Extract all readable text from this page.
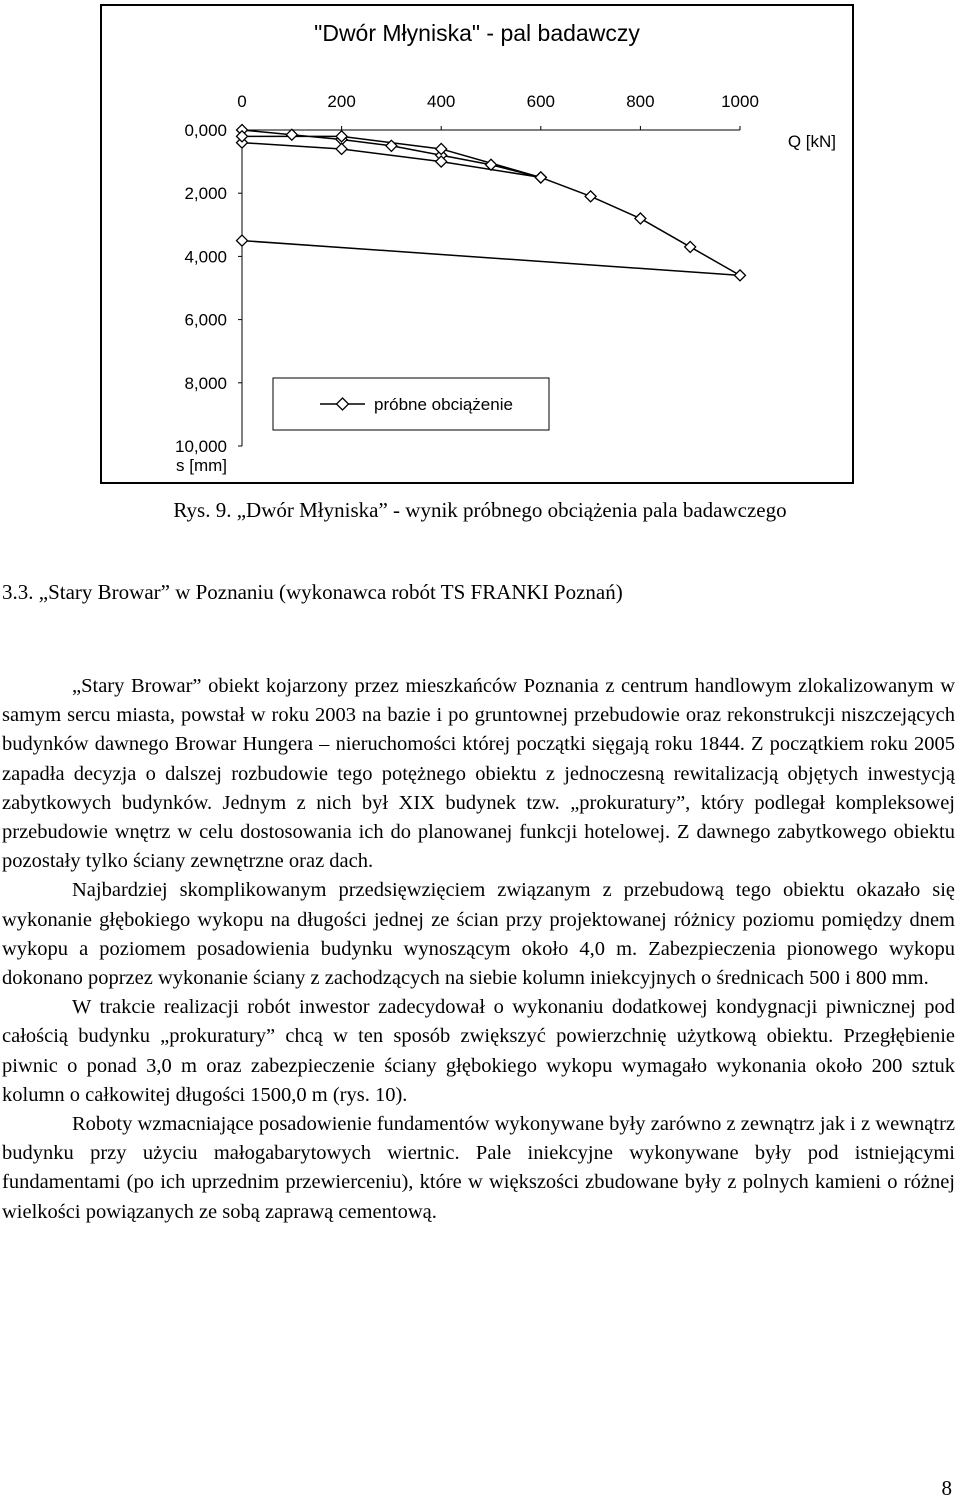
"Dwór Młyniska" - pal badawczy
0	200	400	600	800	1000
0,000
2,000
4,000
6,000
8,000
10,000
Q [kN]
s [mm]
próbne obciążenie
Rys. 9. „Dwór Młyniska” - wynik próbnego obciążenia pala badawczego
3.3. „Stary Browar” w Poznaniu (wykonawca robót TS FRANKI Poznań)

„Stary Browar” obiekt kojarzony przez mieszkańców Poznania z centrum handlowym zlokalizowanym w samym sercu miasta, powstał w roku 2003 na bazie i po gruntownej przebudowie oraz rekonstrukcji niszczejących budynków dawnego Browar Hungera – nieruchomości której początki sięgają roku 1844. Z początkiem roku 2005 zapadła decyzja o dalszej rozbudowie tego potężnego obiektu z jednoczesną rewitalizacją objętych inwestycją zabytkowych budynków. Jednym z nich był XIX budynek tzw. „prokuratury”, który podlegał kompleksowej przebudowie wnętrz w celu dostosowania ich do planowanej funkcji hotelowej. Z dawnego zabytkowego obiektu pozostały tylko ściany zewnętrzne oraz dach.

Najbardziej skomplikowanym przedsięwzięciem związanym z przebudową tego obiektu okazało się wykonanie głębokiego wykopu na długości jednej ze ścian przy projektowanej różnicy poziomu pomiędzy dnem wykopu a poziomem posadowienia budynku wynoszącym około 4,0 m. Zabezpieczenia pionowego wykopu dokonano poprzez wykonanie ściany z zachodzących na siebie kolumn iniekcyjnych o średnicach 500 i 800 mm.

W trakcie realizacji robót inwestor zadecydował o wykonaniu dodatkowej kondygnacji piwnicznej pod całością budynku „prokuratury” chcą w ten sposób zwiększyć powierzchnię użytkową obiektu. Przegłębienie piwnic o ponad 3,0 m oraz zabezpieczenie ściany głębokiego wykopu wymagało wykonania około 200 sztuk kolumn o całkowitej długości 1500,0 m (rys. 10).

Roboty wzmacniające posadowienie fundamentów wykonywane były zarówno z zewnątrz jak i z wewnątrz budynku przy użyciu małogabarytowych wiertnic. Pale iniekcyjne wykonywane były pod istniejącymi fundamentami (po ich uprzednim przewierceniu), które w większości zbudowane były z polnych kamieni o różnej wielkości powiązanych ze sobą zaprawą cementową.

8
